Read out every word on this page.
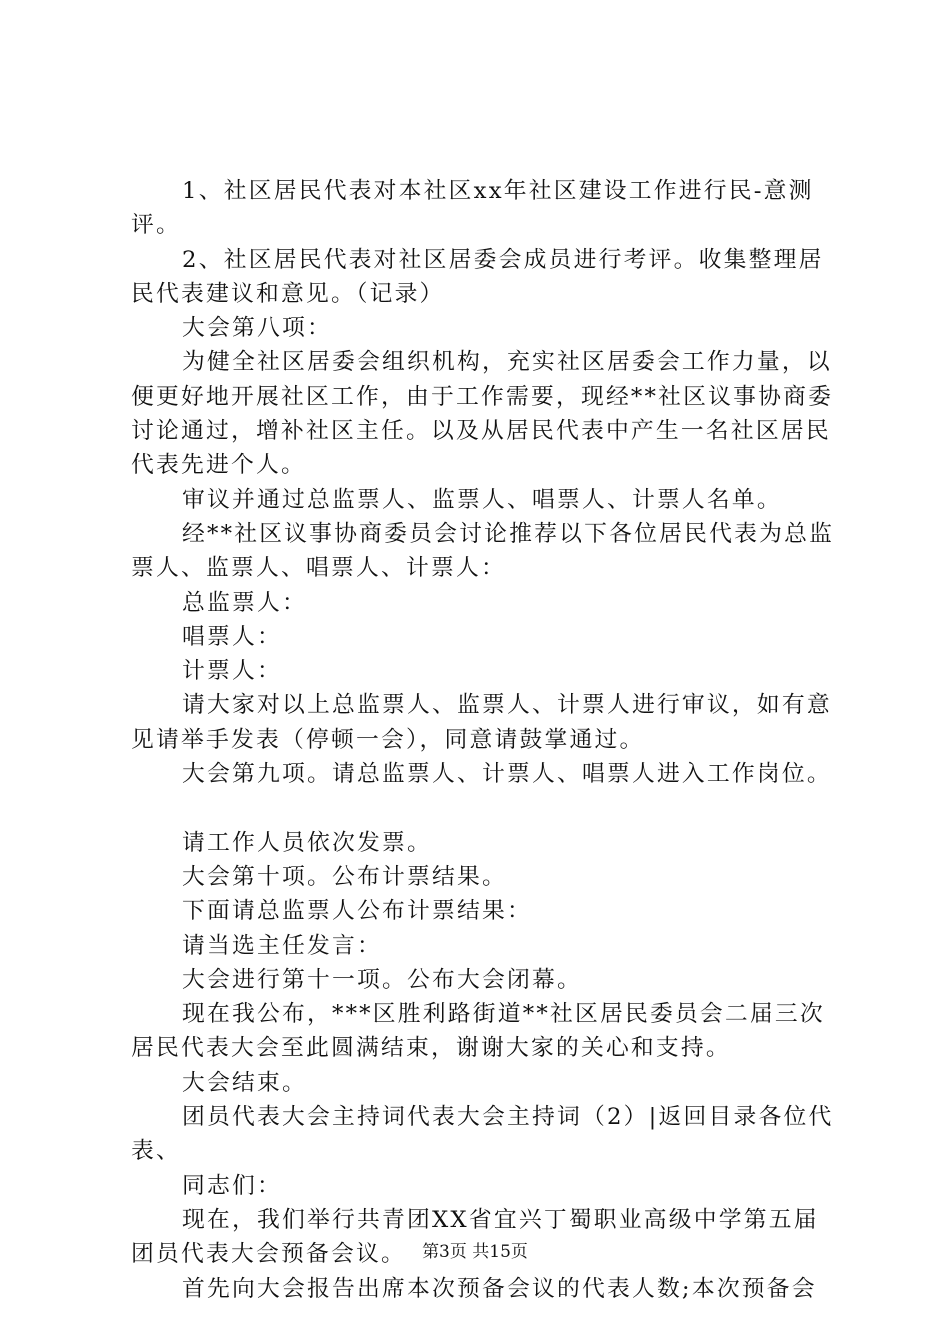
1、社区居民代表对本社区xx年社区建设工作进行民-意测评。

2、社区居民代表对社区居委会成员进行考评。收集整理居民代表建议和意见。（记录）

大会第八项：

为健全社区居委会组织机构，充实社区居委会工作力量，以便更好地开展社区工作，由于工作需要，现经**社区议事协商委讨论通过，增补社区主任。以及从居民代表中产生一名社区居民代表先进个人。

审议并通过总监票人、监票人、唱票人、计票人名单。

经**社区议事协商委员会讨论推荐以下各位居民代表为总监票人、监票人、唱票人、计票人：

总监票人：

唱票人：

计票人：

请大家对以上总监票人、监票人、计票人进行审议，如有意见请举手发表（停顿一会），同意请鼓掌通过。

大会第九项。请总监票人、计票人、唱票人进入工作岗位。

请工作人员依次发票。

大会第十项。公布计票结果。

下面请总监票人公布计票结果：

请当选主任发言：

大会进行第十一项。公布大会闭幕。

现在我公布，***区胜利路街道**社区居民委员会二届三次居民代表大会至此圆满结束，谢谢大家的关心和支持。

大会结束。

团员代表大会主持词代表大会主持词（2）|返回目录各位代表、

同志们：

现在，我们举行共青团XX省宜兴丁蜀职业高级中学第五届团员代表大会预备会议。

首先向大会报告出席本次预备会议的代表人数;本次预备会

第3页 共15页
